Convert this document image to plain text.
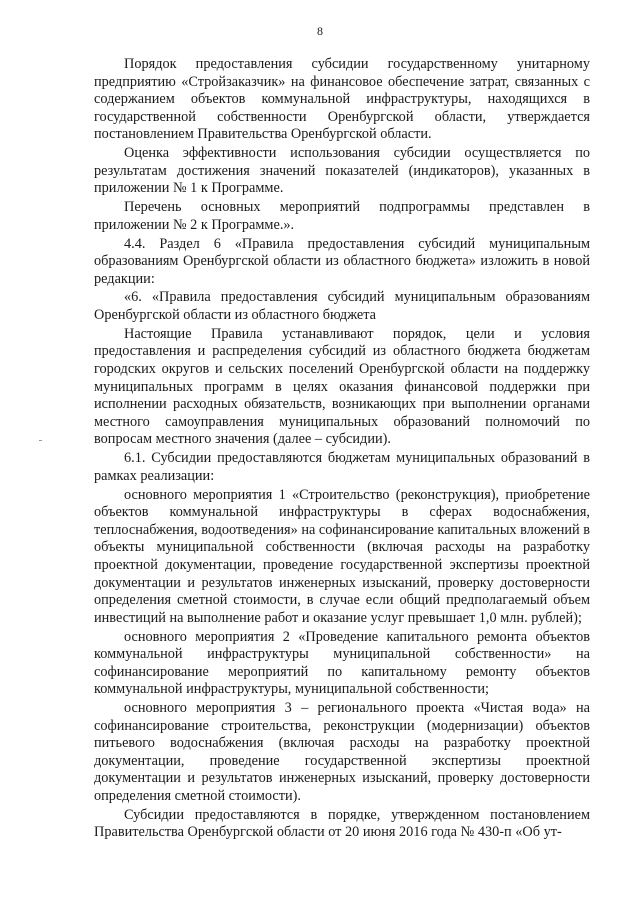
8

Порядок предоставления субсидии государственному унитарному предприятию «Стройзаказчик» на финансовое обеспечение затрат, связанных с содержанием объектов коммунальной инфраструктуры, находящихся в государственной собственности Оренбургской области, утверждается постановлением Правительства Оренбургской области.

Оценка эффективности использования субсидии осуществляется по результатам достижения значений показателей (индикаторов), указанных в приложении № 1 к Программе.

Перечень основных мероприятий подпрограммы представлен в приложении № 2 к Программе.».

4.4. Раздел 6 «Правила предоставления субсидий муниципальным образованиям Оренбургской области из областного бюджета» изложить в новой редакции:

«6. «Правила предоставления субсидий муниципальным образованиям Оренбургской области из областного бюджета

Настоящие Правила устанавливают порядок, цели и условия предоставления и распределения субсидий из областного бюджета бюджетам городских округов и сельских поселений Оренбургской области на поддержку муниципальных программ в целях оказания финансовой поддержки при исполнении расходных обязательств, возникающих при выполнении органами местного самоуправления муниципальных образований полномочий по вопросам местного значения (далее – субсидии).

6.1. Субсидии предоставляются бюджетам муниципальных образований в рамках реализации:

основного мероприятия 1 «Строительство (реконструкция), приобретение объектов коммунальной инфраструктуры в сферах водоснабжения, теплоснабжения, водоотведения» на софинансирование капитальных вложений в объекты муниципальной собственности (включая расходы на разработку проектной документации, проведение государственной экспертизы проектной документации и результатов инженерных изысканий, проверку достоверности определения сметной стоимости, в случае если общий предполагаемый объем инвестиций на выполнение работ и оказание услуг превышает 1,0 млн. рублей);

основного мероприятия 2 «Проведение капитального ремонта объектов коммунальной инфраструктуры муниципальной собственности» на софинансирование мероприятий по капитальному ремонту объектов коммунальной инфраструктуры, муниципальной собственности;

основного мероприятия 3 – регионального проекта «Чистая вода» на софинансирование строительства, реконструкции (модернизации) объектов питьевого водоснабжения (включая расходы на разработку проектной документации, проведение государственной экспертизы проектной документации и результатов инженерных изысканий, проверку достоверности определения сметной стоимости).

Субсидии предоставляются в порядке, утвержденном постановлением Правительства Оренбургской области от 20 июня 2016 года № 430-п «Об ут-
